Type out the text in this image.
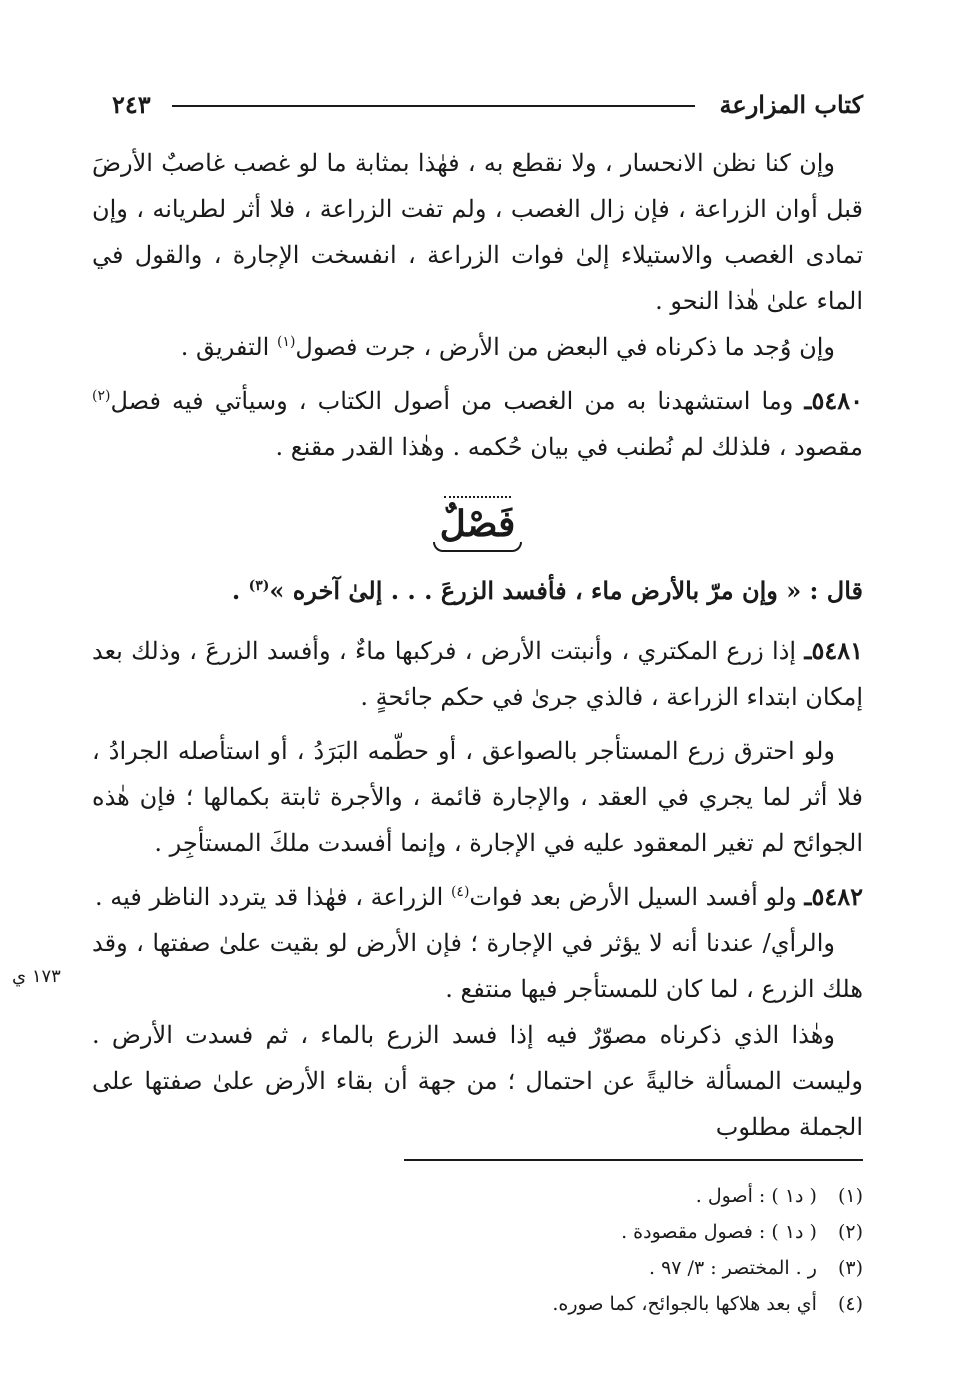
كتاب المزارعة
٢٤٣

وإن كنا نظن الانحسار ، ولا نقطع به ، فهٰذا بمثابة ما لو غصب غاصبٌ الأرضَ قبل أوان الزراعة ، فإن زال الغصب ، ولم تفت الزراعة ، فلا أثر لطريانه ، وإن تمادى الغصب والاستيلاء إلىٰ فوات الزراعة ، انفسخت الإجارة ، والقول في الماء علىٰ هٰذا النحو .

وإن وُجد ما ذكرناه في البعض من الأرض ، جرت فصول$^{(١)}$ التفريق .

٥٤٨٠ـ وما استشهدنا به من الغصب من أصول الكتاب ، وسيأتي فيه فصل$^{(٢)}$ مقصود ، فلذلك لم نُطنب في بيان حُكمه . وهٰذا القدر مقنع .

فَصْلٌ

قال : « وإن مرّ بالأرض ماء ، فأفسد الزرعَ . . . إلىٰ آخره »$^{(٣)}$ .

٥٤٨١ـ إذا زرع المكتري ، وأنبتت الأرض ، فركبها ماءٌ ، وأفسد الزرعَ ، وذلك بعد إمكان ابتداء الزراعة ، فالذي جرىٰ في حكم جائحةٍ .

ولو احترق زرع المستأجر بالصواعق ، أو حطّمه البَرَدُ ، أو استأصله الجرادُ ، فلا أثر لما يجري في العقد ، والإجارة قائمة ، والأجرة ثابتة بكمالها ؛ فإن هٰذه الجوائح لم تغير المعقود عليه في الإجارة ، وإنما أفسدت ملكَ المستأجِر .

٥٤٨٢ـ ولو أفسد السيل الأرض بعد فوات$^{(٤)}$ الزراعة ، فهٰذا قد يتردد الناظر فيه .

والرأي/ عندنا أنه لا يؤثر في الإجارة ؛ فإن الأرض لو بقيت علىٰ صفتها ، وقد هلك الزرع ، لما كان للمستأجر فيها منتفع .

وهٰذا الذي ذكرناه مصوّرٌ فيه إذا فسد الزرع بالماء ، ثم فسدت الأرض . وليست المسألة خاليةً عن احتمال ؛ من جهة أن بقاء الأرض علىٰ صفتها على الجملة مطلوب

١٧٣ ي
(١) ( د١ ) : أصول .
(٢) ( د١ ) : فصول مقصودة .
(٣) ر . المختصر : ٣/ ٩٧ .
(٤) أي بعد هلاكها بالجوائح، كما صوره.
